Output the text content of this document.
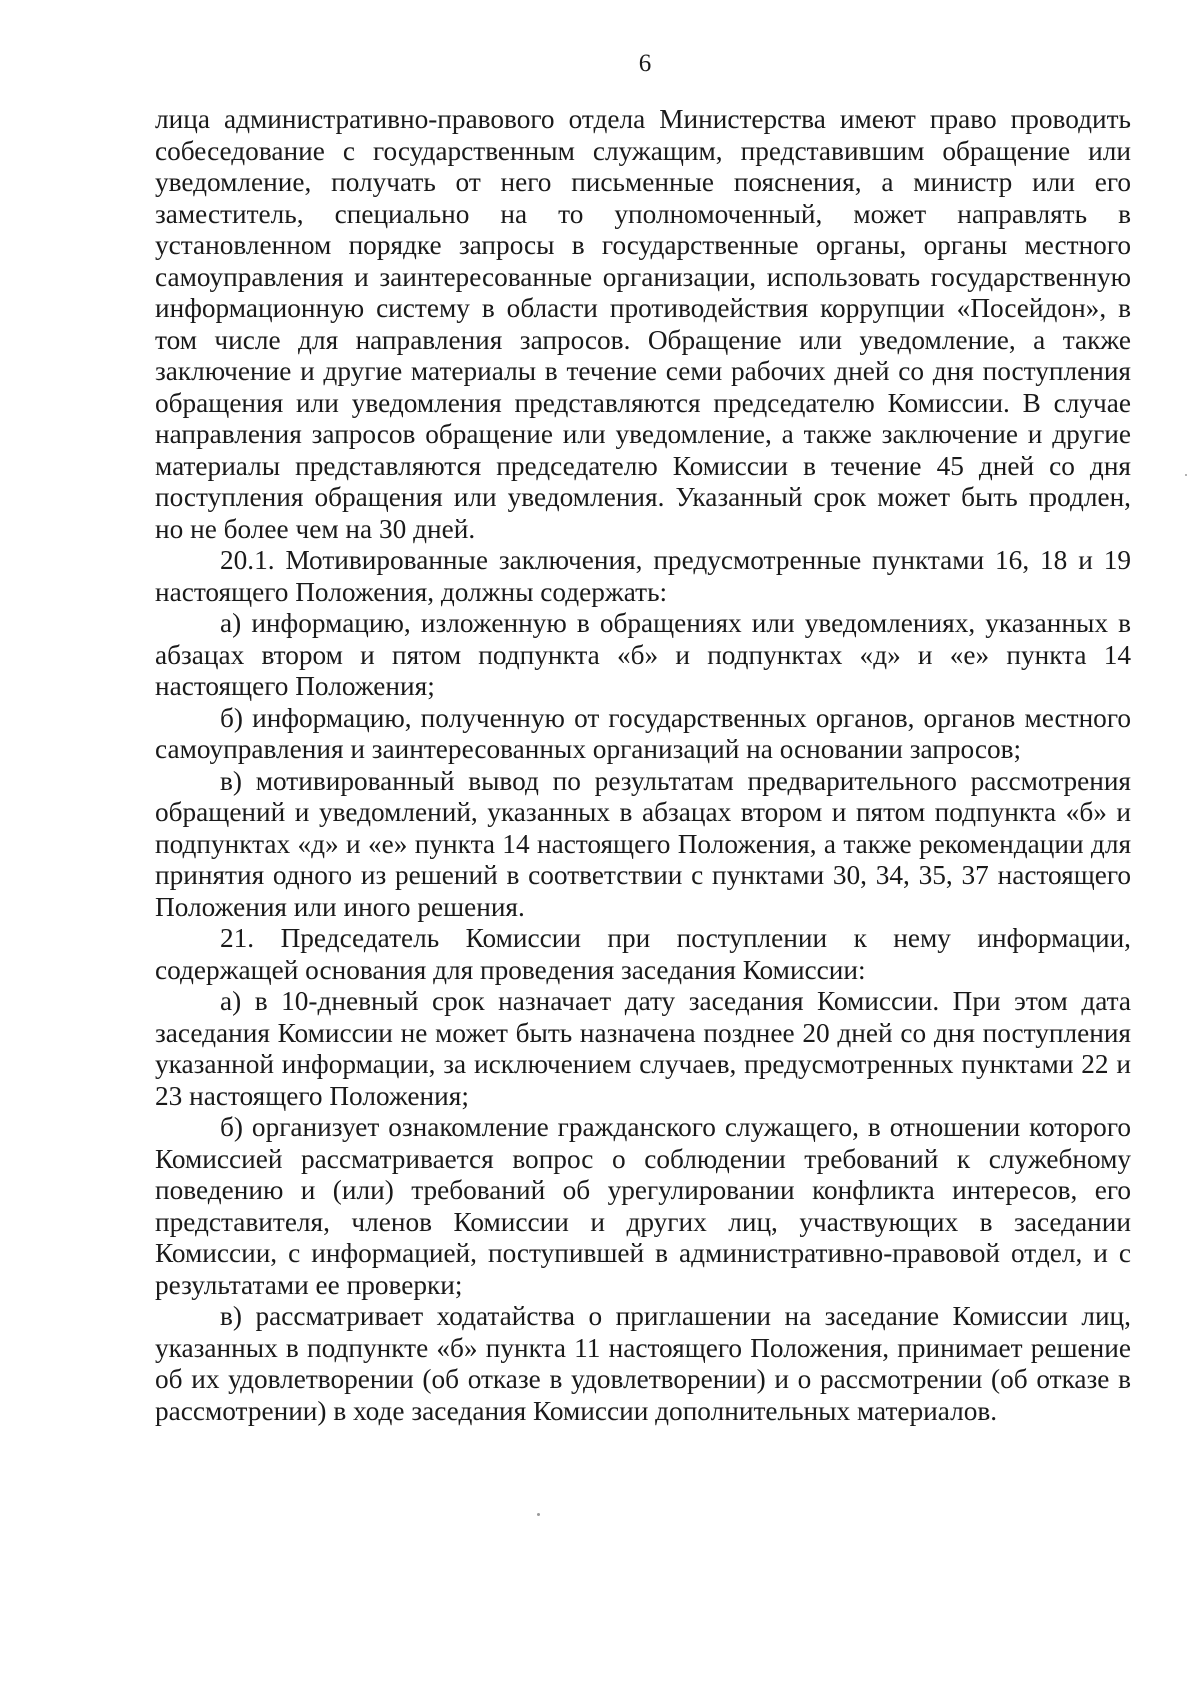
6

лица административно-правового отдела Министерства имеют право проводить собеседование с государственным служащим, представившим обращение или уведомление, получать от него письменные пояснения, а министр или его заместитель, специально на то уполномоченный, может направлять в установленном порядке запросы в государственные органы, органы местного самоуправления и заинтересованные организации, использовать государственную информационную систему в области противодействия коррупции «Посейдон», в том числе для направления запросов. Обращение или уведомление, а также заключение и другие материалы в течение семи рабочих дней со дня поступления обращения или уведомления представляются председателю Комиссии. В случае направления запросов обращение или уведомление, а также заключение и другие материалы представляются председателю Комиссии в течение 45 дней со дня поступления обращения или уведомления. Указанный срок может быть продлен, но не более чем на 30 дней.

20.1. Мотивированные заключения, предусмотренные пунктами 16, 18 и 19 настоящего Положения, должны содержать:

а) информацию, изложенную в обращениях или уведомлениях, указанных в абзацах втором и пятом подпункта «б» и подпунктах «д» и «е» пункта 14 настоящего Положения;

б) информацию, полученную от государственных органов, органов местного самоуправления и заинтересованных организаций на основании запросов;

в) мотивированный вывод по результатам предварительного рассмотрения обращений и уведомлений, указанных в абзацах втором и пятом подпункта «б» и подпунктах «д» и «е» пункта 14 настоящего Положения, а также рекомендации для принятия одного из решений в соответствии с пунктами 30, 34, 35, 37 настоящего Положения или иного решения.

21. Председатель Комиссии при поступлении к нему информации, содержащей основания для проведения заседания Комиссии:

а) в 10-дневный срок назначает дату заседания Комиссии. При этом дата заседания Комиссии не может быть назначена позднее 20 дней со дня поступления указанной информации, за исключением случаев, предусмотренных пунктами 22 и 23 настоящего Положения;

б) организует ознакомление гражданского служащего, в отношении которого Комиссией рассматривается вопрос о соблюдении требований к служебному поведению и (или) требований об урегулировании конфликта интересов, его представителя, членов Комиссии и других лиц, участвующих в заседании Комиссии, с информацией, поступившей в административно-правовой отдел, и с результатами ее проверки;

в) рассматривает ходатайства о приглашении на заседание Комиссии лиц, указанных в подпункте «б» пункта 11 настоящего Положения, принимает решение об их удовлетворении (об отказе в удовлетворении) и о рассмотрении (об отказе в рассмотрении) в ходе заседания Комиссии дополнительных материалов.
